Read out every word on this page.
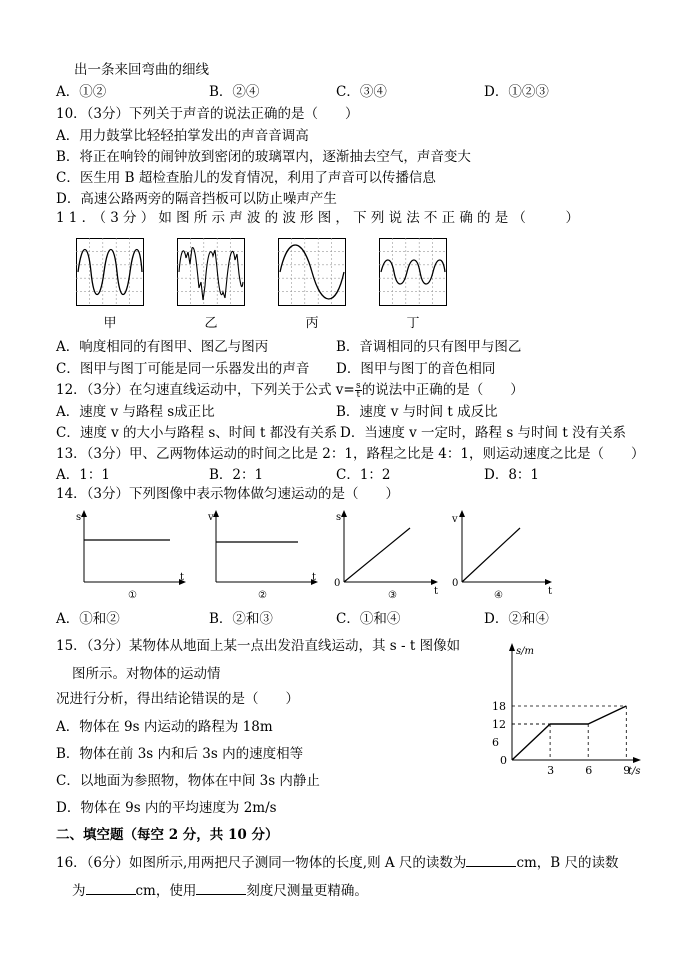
出一条来回弯曲的细线
A．①②	B．②④	C．③④	D．①②③
10．（3分）下列关于声音的说法正确的是（　　）
A．用力鼓掌比轻轻拍掌发出的声音音调高
B．将正在响铃的闹钟放到密闭的玻璃罩内，逐渐抽去空气，声音变大
C．医生用 B 超检查胎儿的发育情况，利用了声音可以传播信息
D．高速公路两旁的隔音挡板可以防止噪声产生
11．（3分）如图所示声波的波形图，下列说法不正确的是（　　）
甲	乙	丙	丁
A．响度相同的有图甲、图乙与图丙	B．音调相同的只有图甲与图乙
C．图甲与图丁可能是同一乐器发出的声音 D．图甲与图丁的音色相同
12．（3分）在匀速直线运动中，下列关于公式 $v=\frac{s}{t}$的说法中正确的是（　　）
A．速度 v 与路程 s成正比	B．速度 v 与时间 t 成反比
C．速度 v 的大小与路程 s、时间 t 都没有关系 D．当速度 v 一定时，路程 s 与时间 t 没有关系
13．（3分）甲、乙两物体运动的时间之比是 2：1，路程之比是 4：1，则运动速度之比是（　　）
A．1：1	B．2：1	C．1：2	D．8：1
14．（3分）下列图像中表示物体做匀速运动的是（　　）
s
t
①
v
t
②
s
t
0
③
v
t
0
④
A．①和②	B．②和③	C．①和④	D．②和④
15．（3分）某物体从地面上某一点出发沿直线运动，其 s - t 图像如
图所示。对物体的运动情
况进行分析，得出结论错误的是（　　）
A．物体在 9s 内运动的路程为 18m
B．物体在前 3s 内和后 3s 内的速度相等
C．以地面为参照物，物体在中间 3s 内静止
D．物体在 9s 内的平均速度为 2m/s
6
12
18
3	6	9
s/m
t/s
0
二、填空题（每空 2 分，共 10 分）
16．（6分）如图所示,用两把尺子测同一物体的长度,则 A 尺的读数为	cm，B 尺的读数
为	cm，使用	刻度尺测量更精确。
